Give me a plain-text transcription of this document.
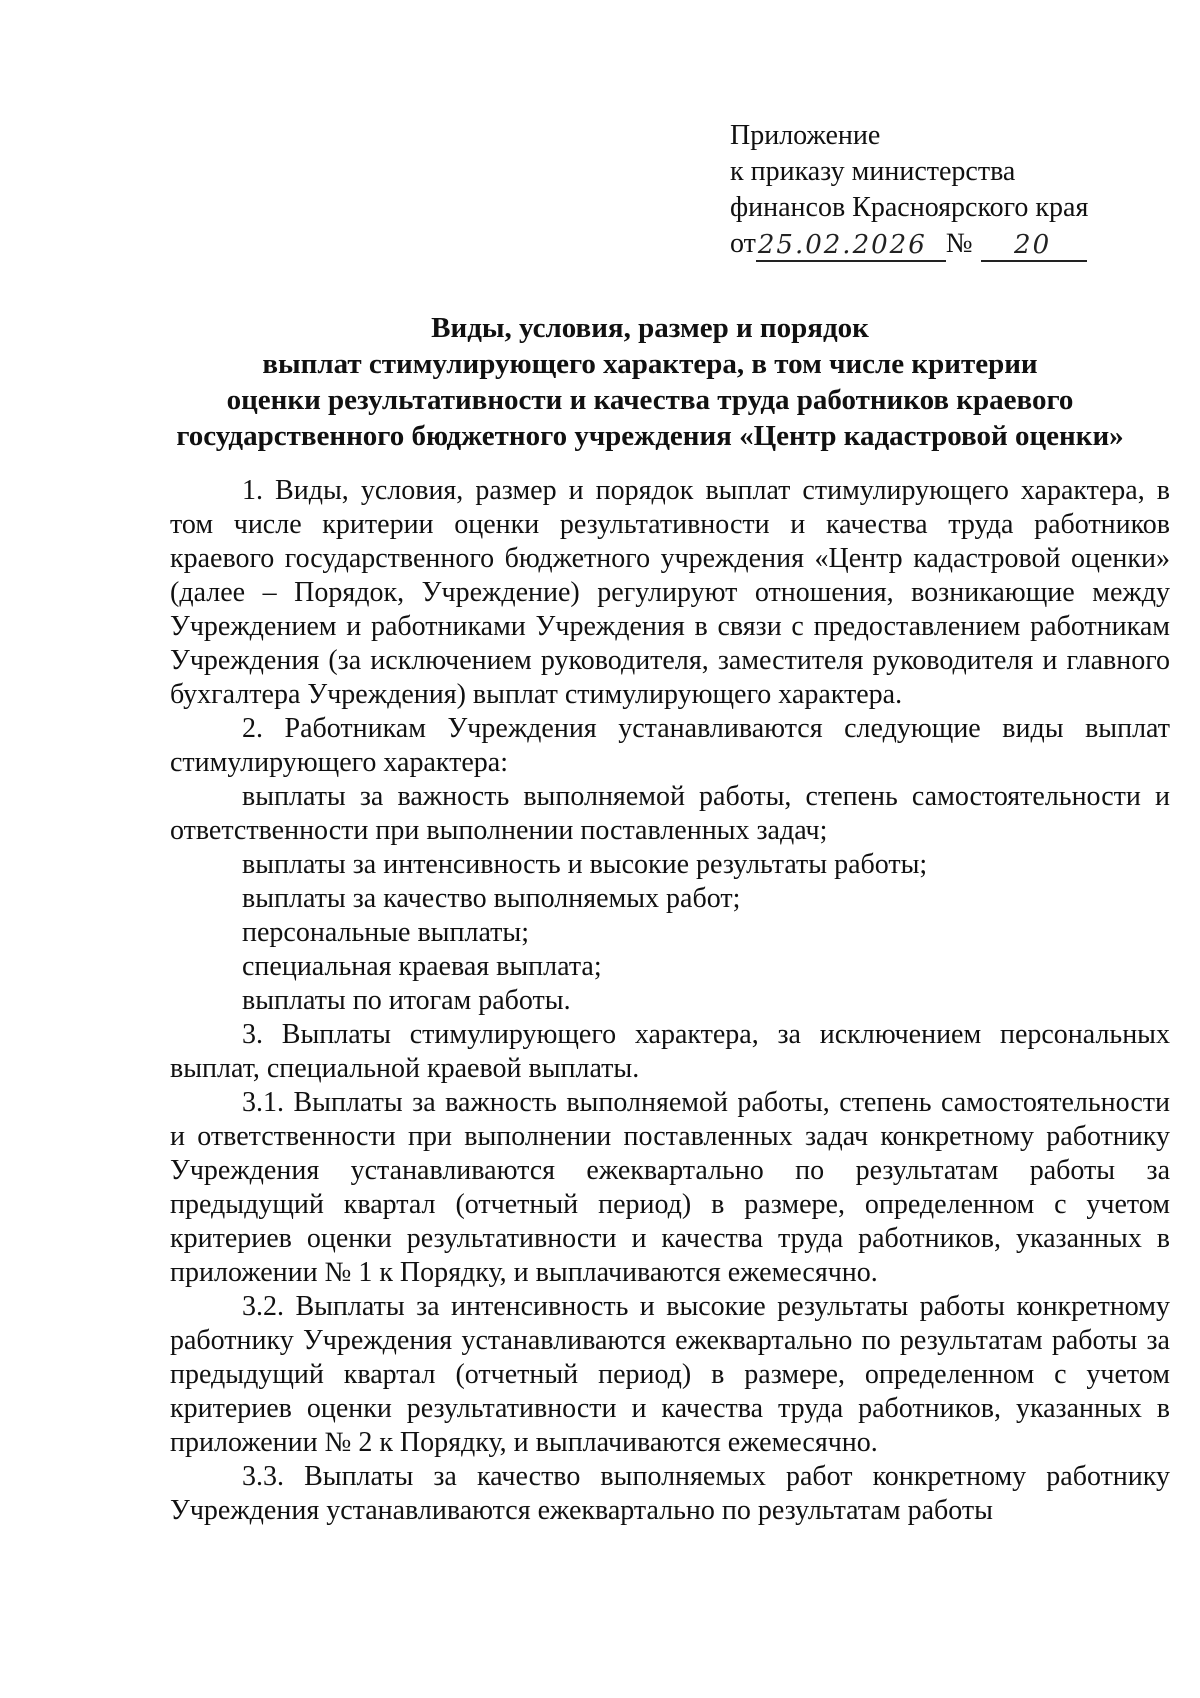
Приложение
к приказу министерства
финансов Красноярского края
от 25.02.2026 №	20
Виды, условия, размер и порядок
выплат стимулирующего характера, в том числе критерии
оценки результативности и качества труда работников краевого
государственного бюджетного учреждения «Центр кадастровой оценки»

1. Виды, условия, размер и порядок выплат стимулирующего характера, в том числе критерии оценки результативности и качества труда работников краевого государственного бюджетного учреждения «Центр кадастровой оценки» (далее – Порядок, Учреждение) регулируют отношения, возникающие между Учреждением и работниками Учреждения в связи с предоставлением работникам Учреждения (за исключением руководителя, заместителя руководителя и главного бухгалтера Учреждения) выплат стимулирующего характера.

2. Работникам Учреждения устанавливаются следующие виды выплат стимулирующего характера:

выплаты за важность выполняемой работы, степень самостоятельности и ответственности при выполнении поставленных задач;

выплаты за интенсивность и высокие результаты работы;

выплаты за качество выполняемых работ;

персональные выплаты;

специальная краевая выплата;

выплаты по итогам работы.

3. Выплаты стимулирующего характера, за исключением персональных выплат, специальной краевой выплаты.

3.1. Выплаты за важность выполняемой работы, степень самостоятельности и ответственности при выполнении поставленных задач конкретному работнику Учреждения устанавливаются ежеквартально по результатам работы за предыдущий квартал (отчетный период) в размере, определенном с учетом критериев оценки результативности и качества труда работников, указанных в приложении № 1 к Порядку, и выплачиваются ежемесячно.

3.2. Выплаты за интенсивность и высокие результаты работы конкретному работнику Учреждения устанавливаются ежеквартально по результатам работы за предыдущий квартал (отчетный период) в размере, определенном с учетом критериев оценки результативности и качества труда работников, указанных в приложении № 2 к Порядку, и выплачиваются ежемесячно.

3.3. Выплаты за качество выполняемых работ конкретному работнику Учреждения устанавливаются ежеквартально по результатам работы
